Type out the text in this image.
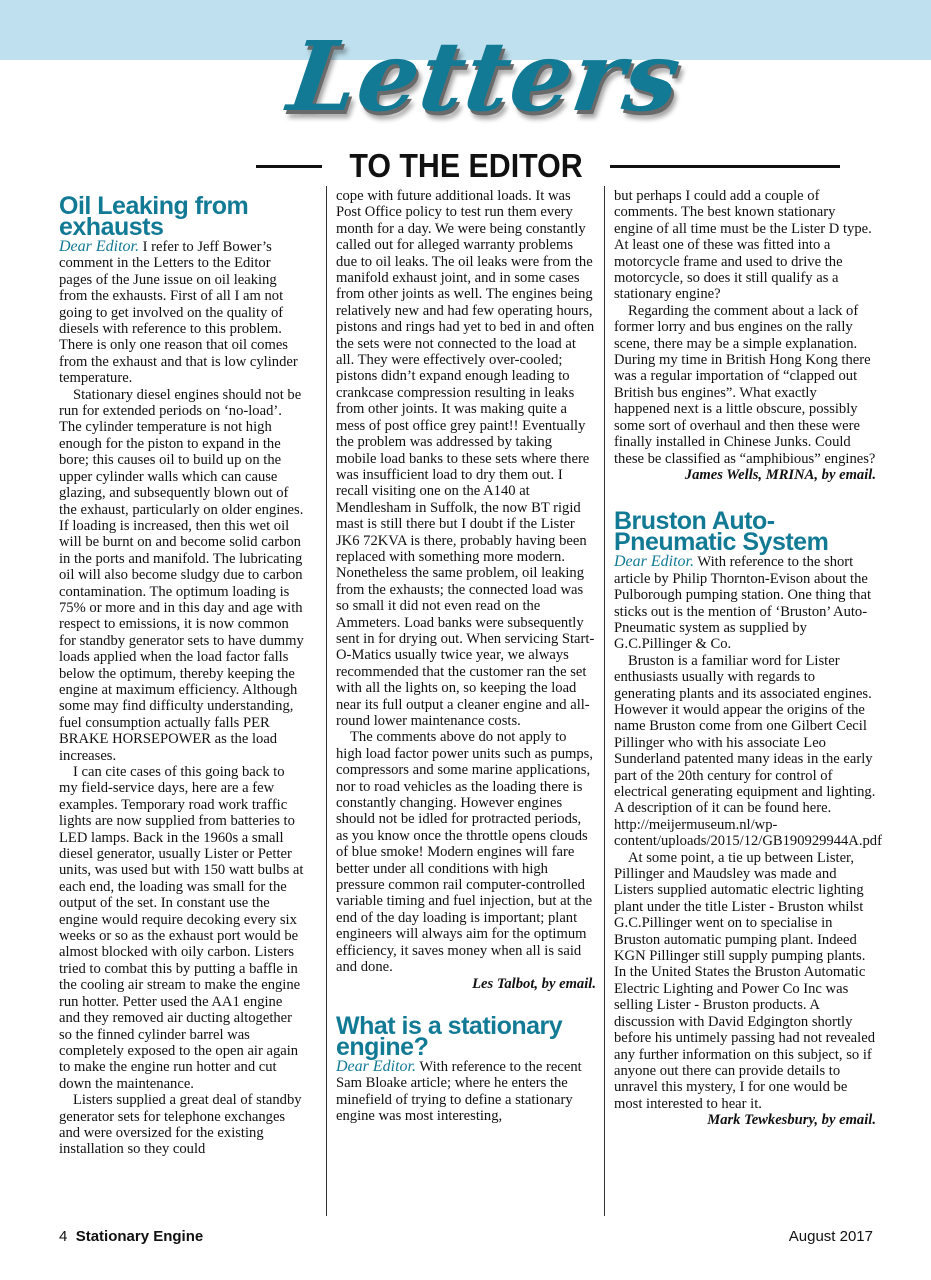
Letters
TO THE EDITOR
Oil Leaking from exhausts

Dear Editor. I refer to Jeff Bower’s comment in the Letters to the Editor pages of the June issue on oil leaking from the exhausts. First of all I am not going to get involved on the quality of diesels with reference to this problem. There is only one reason that oil comes from the exhaust and that is low cylinder temperature.

Stationary diesel engines should not be run for extended periods on ‘no-load’. The cylinder temperature is not high enough for the piston to expand in the bore; this causes oil to build up on the upper cylinder walls which can cause glazing, and subsequently blown out of the exhaust, particularly on older engines. If loading is increased, then this wet oil will be burnt on and become solid carbon in the ports and manifold. The lubricating oil will also become sludgy due to carbon contamination. The optimum loading is 75% or more and in this day and age with respect to emissions, it is now common for standby generator sets to have dummy loads applied when the load factor falls below the optimum, thereby keeping the engine at maximum efficiency. Although some may find difficulty understanding, fuel consumption actually falls PER BRAKE HORSEPOWER as the load increases.

I can cite cases of this going back to my field-service days, here are a few examples. Temporary road work traffic lights are now supplied from batteries to LED lamps. Back in the 1960s a small diesel generator, usually Lister or Petter units, was used but with 150 watt bulbs at each end, the loading was small for the output of the set. In constant use the engine would require decoking every six weeks or so as the exhaust port would be almost blocked with oily carbon. Listers tried to combat this by putting a baffle in the cooling air stream to make the engine run hotter. Petter used the AA1 engine and they removed air ducting altogether so the finned cylinder barrel was completely exposed to the open air again to make the engine run hotter and cut down the maintenance.

Listers supplied a great deal of standby generator sets for telephone exchanges and were oversized for the existing installation so they could

cope with future additional loads. It was Post Office policy to test run them every month for a day. We were being constantly called out for alleged warranty problems due to oil leaks. The oil leaks were from the manifold exhaust joint, and in some cases from other joints as well. The engines being relatively new and had few operating hours, pistons and rings had yet to bed in and often the sets were not connected to the load at all. They were effectively over-cooled; pistons didn’t expand enough leading to crankcase compression resulting in leaks from other joints. It was making quite a mess of post office grey paint!! Eventually the problem was addressed by taking mobile load banks to these sets where there was insufficient load to dry them out. I recall visiting one on the A140 at Mendlesham in Suffolk, the now BT rigid mast is still there but I doubt if the Lister JK6 72KVA is there, probably having been replaced with something more modern. Nonetheless the same problem, oil leaking from the exhausts; the connected load was so small it did not even read on the Ammeters. Load banks were subsequently sent in for drying out. When servicing Start-O-Matics usually twice year, we always recommended that the customer ran the set with all the lights on, so keeping the load near its full output a cleaner engine and all-round lower maintenance costs.

The comments above do not apply to high load factor power units such as pumps, compressors and some marine applications, nor to road vehicles as the loading there is constantly changing. However engines should not be idled for protracted periods, as you know once the throttle opens clouds of blue smoke! Modern engines will fare better under all conditions with high pressure common rail computer-controlled variable timing and fuel injection, but at the end of the day loading is important; plant engineers will always aim for the optimum efficiency, it saves money when all is said and done.

Les Talbot, by email.

What is a stationary engine?

Dear Editor. With reference to the recent Sam Bloake article; where he enters the minefield of trying to define a stationary engine was most interesting,

but perhaps I could add a couple of comments. The best known stationary engine of all time must be the Lister D type. At least one of these was fitted into a motorcycle frame and used to drive the motorcycle, so does it still qualify as a stationary engine?

Regarding the comment about a lack of former lorry and bus engines on the rally scene, there may be a simple explanation. During my time in British Hong Kong there was a regular importation of “clapped out British bus engines”. What exactly happened next is a little obscure, possibly some sort of overhaul and then these were finally installed in Chinese Junks. Could these be classified as “amphibious” engines?

James Wells, MRINA, by email.

Bruston Auto-Pneumatic System

Dear Editor. With reference to the short article by Philip Thornton-Evison about the Pulborough pumping station. One thing that sticks out is the mention of ‘Bruston’ Auto-Pneumatic system as supplied by G.C.Pillinger & Co.

Bruston is a familiar word for Lister enthusiasts usually with regards to generating plants and its associated engines. However it would appear the origins of the name Bruston come from one Gilbert Cecil Pillinger who with his associate Leo Sunderland patented many ideas in the early part of the 20th century for control of electrical generating equipment and lighting.

A description of it can be found here. http://meijermuseum.nl/wp-content/uploads/2015/12/GB190929944A.pdf

At some point, a tie up between Lister, Pillinger and Maudsley was made and Listers supplied automatic electric lighting plant under the title Lister - Bruston whilst G.C.Pillinger went on to specialise in Bruston automatic pumping plant. Indeed KGN Pillinger still supply pumping plants. In the United States the Bruston Automatic Electric Lighting and Power Co Inc was selling Lister - Bruston products. A discussion with David Edgington shortly before his untimely passing had not revealed any further information on this subject, so if anyone out there can provide details to unravel this mystery, I for one would be most interested to hear it.

Mark Tewkesbury, by email.

4 Stationary Engine	August 2017
